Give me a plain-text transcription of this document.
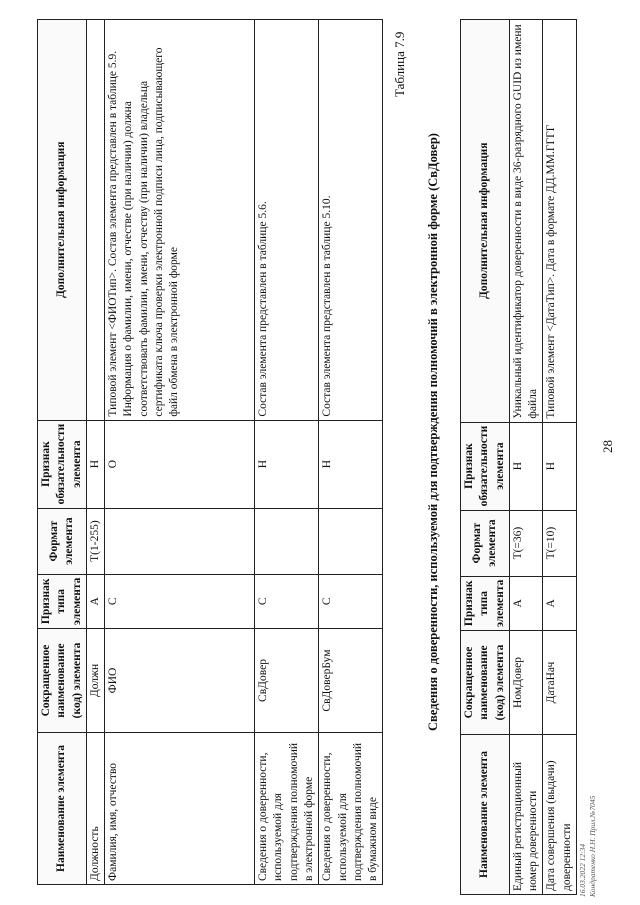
28
Наименование элемента	Сокращенное наименование (код) элемента	Признак типа элемента	Формат элемента	Признак обязательности элемента	Дополнительная информация
Должность	Должн	А	T(1-255)	Н	
Фамилия, имя, отчество	ФИО	С		О	Типовой элемент <ФИОТип>. Состав элемента представлен в таблице 5.9. Информация о фамилии, имени, отчестве (при наличии) должна соответствовать фамилии, имени, отчеству (при наличии) владельца сертификата ключа проверки электронной подписи лица, подписывающего файл обмена в электронной форме
Сведения о доверенности, используемой для подтверждения полномочий в электронной форме	СвДовер	С		Н	Состав элемента представлен в таблице 5.6.
Сведения о доверенности, используемой для подтверждения полномочий в бумажном виде	СвДоверБум	С		Н	Состав элемента представлен в таблице 5.10.
Таблица 7.9
Сведения о доверенности, используемой для подтверждения полномочий в электронной форме (СвДовер)
Наименование элемента	Сокращенное наименование (код) элемента	Признак типа элемента	Формат элемента	Признак обязательности элемента	Дополнительная информация
Единый регистрационный номер доверенности	НомДовер	А	T(=36)	Н	Уникальный идентификатор доверенности в виде 36-разрядного GUID из имени файла
Дата совершения (выдачи) доверенности	ДатаНач	А	T(=10)	Н	Типовой элемент <ДатаТип>. Дата в формате ДД.ММ.ГГГГ
16.03.2022 12:34 Кондратенко Н.Н. Прил.№7045
